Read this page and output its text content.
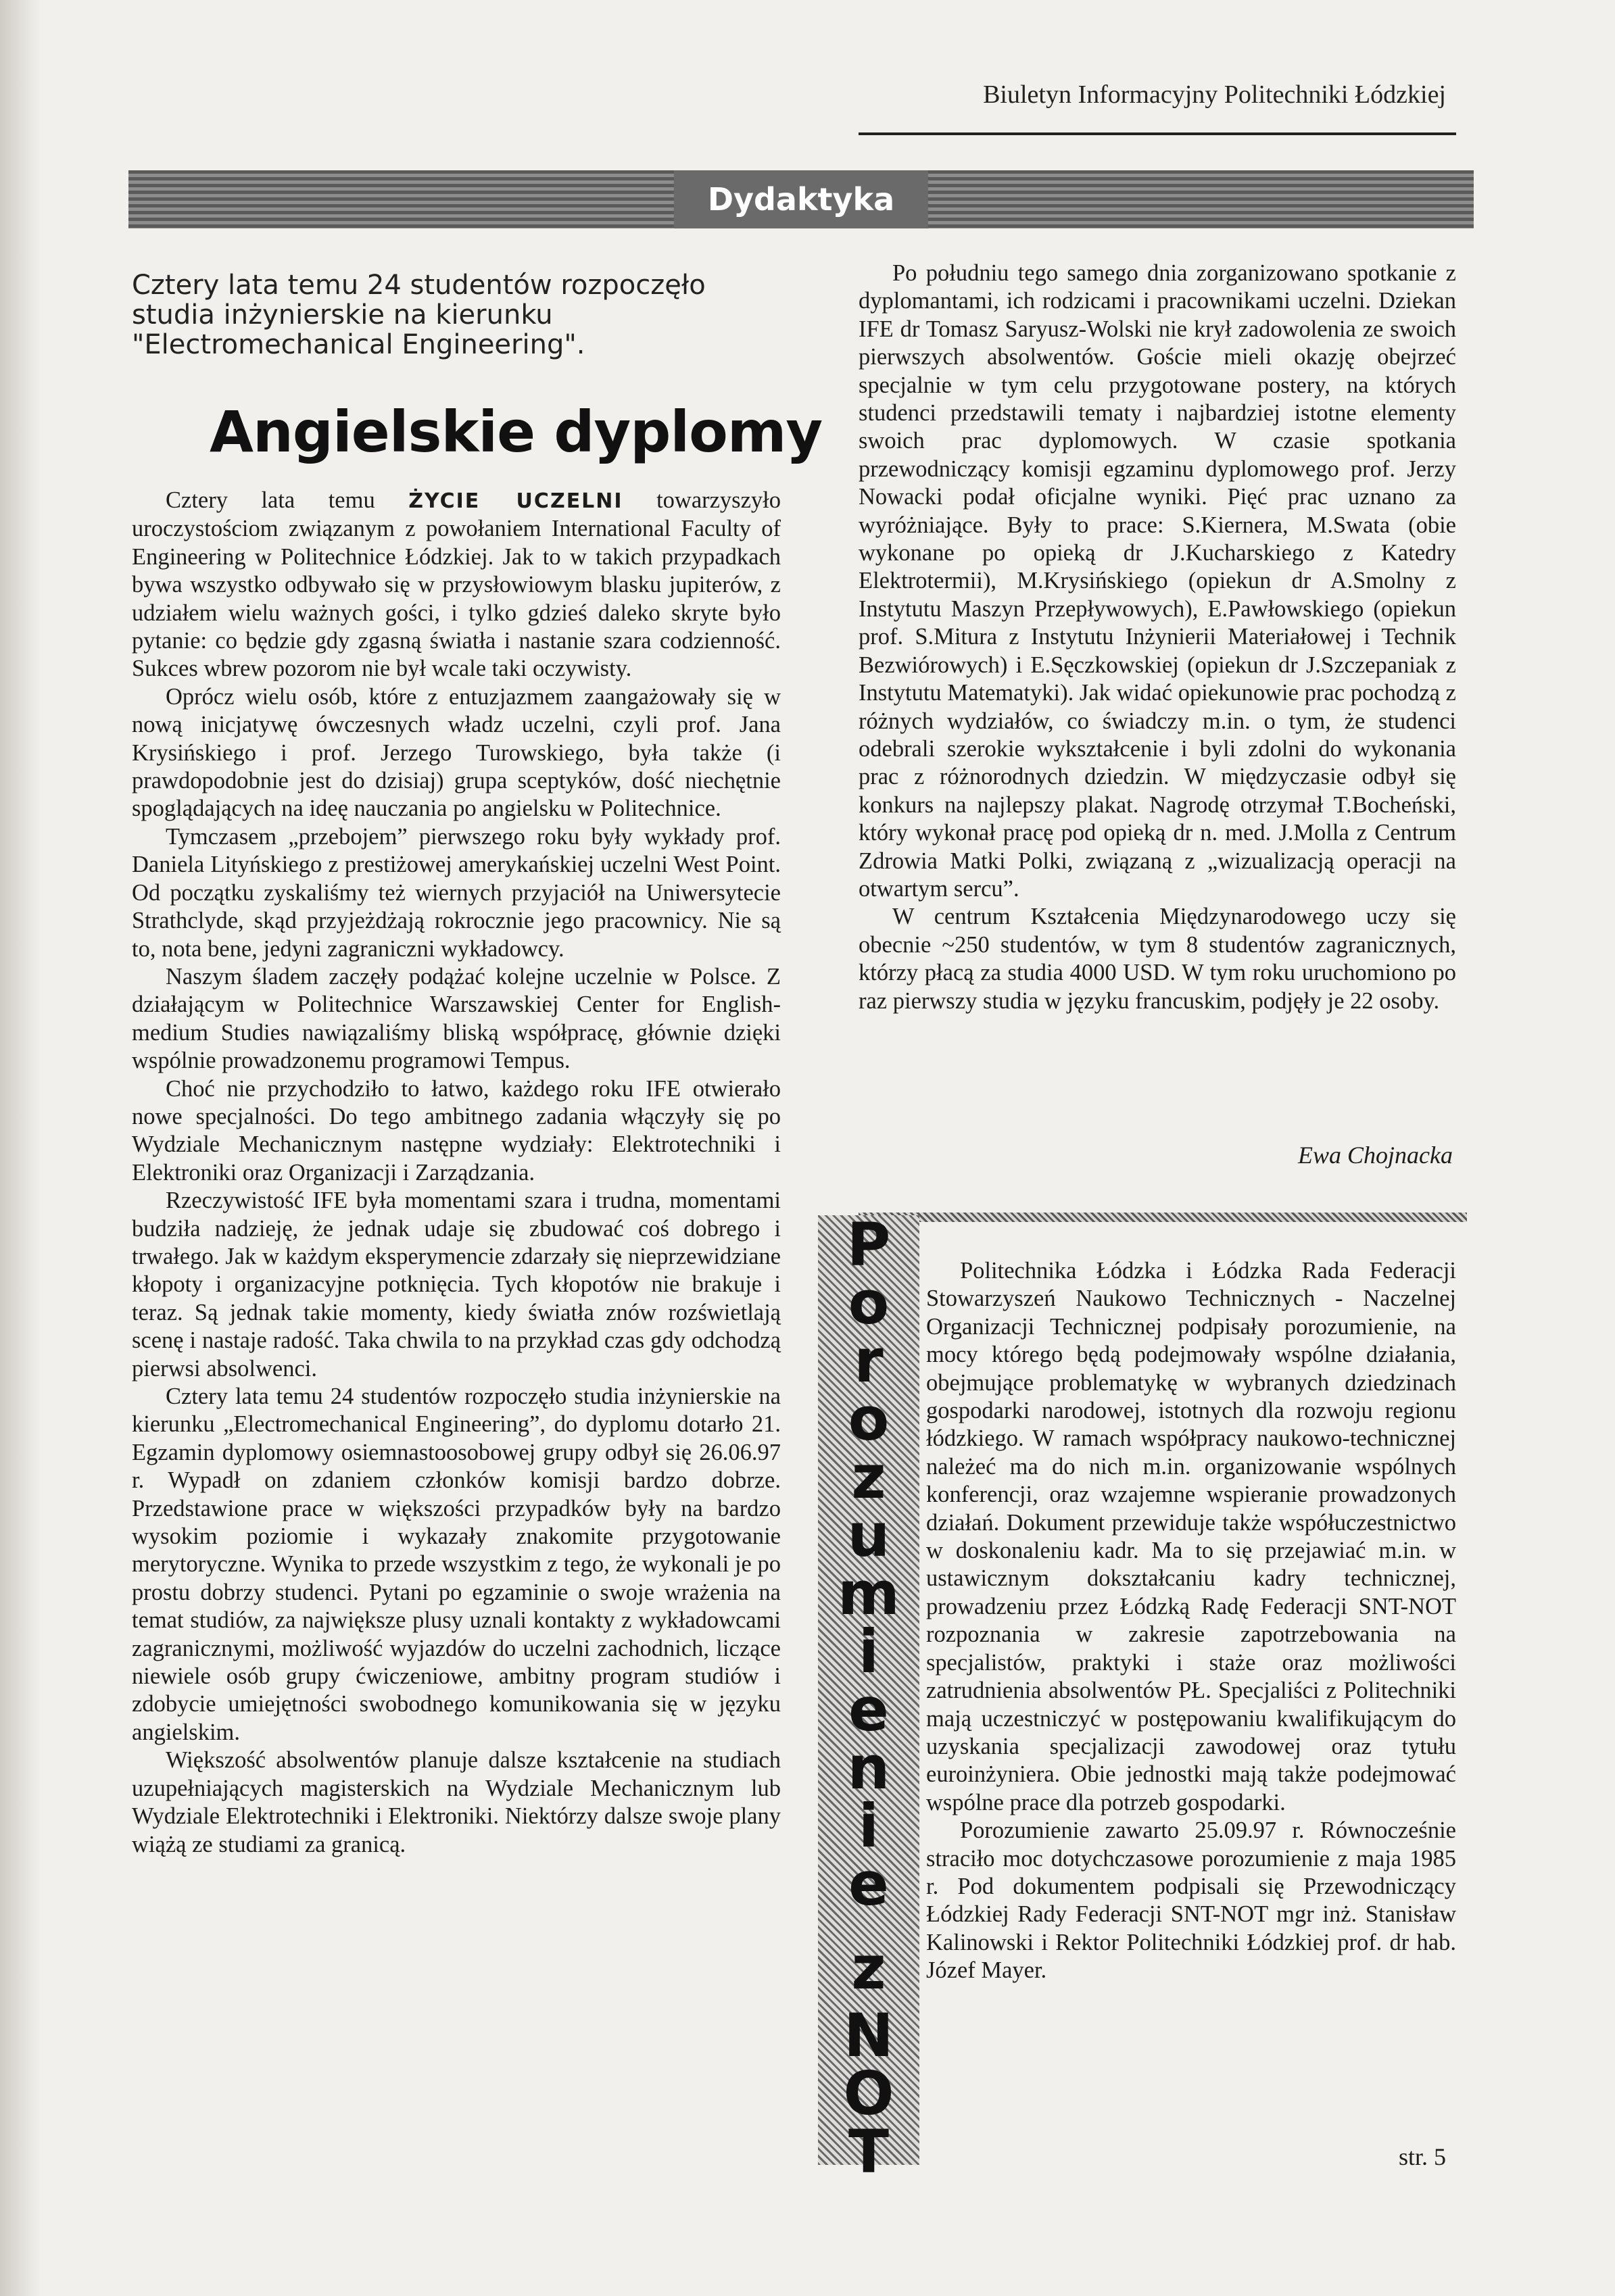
Biuletyn Informacyjny Politechniki Łódzkiej
Dydaktyka
Cztery lata temu 24 studentów rozpoczęło studia inżynierskie na kierunku "Electromechanical Engineering".
Angielskie dyplomy

Cztery lata temu ŻYCIE UCZELNI towarzyszyło uroczystościom związanym z powołaniem International Faculty of Engineering w Politechnice Łódzkiej. Jak to w takich przypadkach bywa wszystko odbywało się w przysłowiowym blasku jupiterów, z udziałem wielu ważnych gości, i tylko gdzieś daleko skryte było pytanie: co będzie gdy zgasną światła i nastanie szara codzienność. Sukces wbrew pozorom nie był wcale taki oczywisty.

Oprócz wielu osób, które z entuzjazmem zaangażowały się w nową inicjatywę ówczesnych władz uczelni, czyli prof. Jana Krysińskiego i prof. Jerzego Turowskiego, była także (i prawdopodobnie jest do dzisiaj) grupa sceptyków, dość niechętnie spoglądających na ideę nauczania po angielsku w Politechnice.

Tymczasem „przebojem” pierwszego roku były wykłady prof. Daniela Lityńskiego z prestiżowej amerykańskiej uczelni West Point. Od początku zyskaliśmy też wiernych przyjaciół na Uniwersytecie Strathclyde, skąd przyjeżdżają rokrocznie jego pracownicy. Nie są to, nota bene, jedyni zagraniczni wykładowcy.

Naszym śladem zaczęły podążać kolejne uczelnie w Polsce. Z działającym w Politechnice Warszawskiej Center for English-medium Studies nawiązaliśmy bliską współpracę, głównie dzięki wspólnie prowadzonemu programowi Tempus.

Choć nie przychodziło to łatwo, każdego roku IFE otwierało nowe specjalności. Do tego ambitnego zadania włączyły się po Wydziale Mechanicznym następne wydziały: Elektrotechniki i Elektroniki oraz Organizacji i Zarządzania.

Rzeczywistość IFE była momentami szara i trudna, momentami budziła nadzieję, że jednak udaje się zbudować coś dobrego i trwałego. Jak w każdym eksperymencie zdarzały się nieprzewidziane kłopoty i organizacyjne potknięcia. Tych kłopotów nie brakuje i teraz. Są jednak takie momenty, kiedy światła znów rozświetlają scenę i nastaje radość. Taka chwila to na przykład czas gdy odchodzą pierwsi absolwenci.

Cztery lata temu 24 studentów rozpoczęło studia inżynierskie na kierunku „Electromechanical Engineering”, do dyplomu dotarło 21. Egzamin dyplomowy osiemnastoosobowej grupy odbył się 26.06.97 r. Wypadł on zdaniem członków komisji bardzo dobrze. Przedstawione prace w większości przypadków były na bardzo wysokim poziomie i wykazały znakomite przygotowanie merytoryczne. Wynika to przede wszystkim z tego, że wykonali je po prostu dobrzy studenci. Pytani po egzaminie o swoje wrażenia na temat studiów, za największe plusy uznali kontakty z wykładowcami zagranicznymi, możliwość wyjazdów do uczelni zachodnich, liczące niewiele osób grupy ćwiczeniowe, ambitny program studiów i zdobycie umiejętności swobodnego komunikowania się w języku angielskim.

Większość absolwentów planuje dalsze kształcenie na studiach uzupełniających magisterskich na Wydziale Mechanicznym lub Wydziale Elektrotechniki i Elektroniki. Niektórzy dalsze swoje plany wiążą ze studiami za granicą.

Po południu tego samego dnia zorganizowano spotkanie z dyplomantami, ich rodzicami i pracownikami uczelni. Dziekan IFE dr Tomasz Saryusz-Wolski nie krył zadowolenia ze swoich pierwszych absolwentów. Goście mieli okazję obejrzeć specjalnie w tym celu przygotowane postery, na których studenci przedstawili tematy i najbardziej istotne elementy swoich prac dyplomowych. W czasie spotkania przewodniczący komisji egzaminu dyplomowego prof. Jerzy Nowacki podał oficjalne wyniki. Pięć prac uznano za wyróżniające. Były to prace: S.Kiernera, M.Swata (obie wykonane po opieką dr J.Kucharskiego z Katedry Elektrotermii), M.Krysińskiego (opiekun dr A.Smolny z Instytutu Maszyn Przepływowych), E.Pawłowskiego (opiekun prof. S.Mitura z Instytutu Inżynierii Materiałowej i Technik Bezwiórowych) i E.Sęczkowskiej (opiekun dr J.Szczepaniak z Instytutu Matematyki). Jak widać opiekunowie prac pochodzą z różnych wydziałów, co świadczy m.in. o tym, że studenci odebrali szerokie wykształcenie i byli zdolni do wykonania prac z różnorodnych dziedzin. W międzyczasie odbył się konkurs na najlepszy plakat. Nagrodę otrzymał T.Bocheński, który wykonał pracę pod opieką dr n. med. J.Molla z Centrum Zdrowia Matki Polki, związaną z „wizualizacją operacji na otwartym sercu”.

W centrum Kształcenia Międzynarodowego uczy się obecnie ~250 studentów, w tym 8 studentów zagranicznych, którzy płacą za studia 4000 USD. W tym roku uruchomiono po raz pierwszy studia w języku francuskim, podjęły je 22 osoby.

Ewa Chojnacka
P
o
r
o
z
u
m
i
e
n
i
e
z
N
O
T

Politechnika Łódzka i Łódzka Rada Federacji Stowarzyszeń Naukowo Technicznych - Naczelnej Organizacji Technicznej podpisały porozumienie, na mocy którego będą podejmowały wspólne działania, obejmujące problematykę w wybranych dziedzinach gospodarki narodowej, istotnych dla rozwoju regionu łódzkiego. W ramach współpracy naukowo-technicznej należeć ma do nich m.in. organizowanie wspólnych konferencji, oraz wzajemne wspieranie prowadzonych działań. Dokument przewiduje także współuczestnictwo w doskonaleniu kadr. Ma to się przejawiać m.in. w ustawicznym dokształcaniu kadry technicznej, prowadzeniu przez Łódzką Radę Federacji SNT-NOT rozpoznania w zakresie zapotrzebowania na specjalistów, praktyki i staże oraz możliwości zatrudnienia absolwentów PŁ. Specjaliści z Politechniki mają uczestniczyć w postępowaniu kwalifikującym do uzyskania specjalizacji zawodowej oraz tytułu euroinżyniera. Obie jednostki mają także podejmować wspólne prace dla potrzeb gospodarki.

Porozumienie zawarto 25.09.97 r. Równocześnie straciło moc dotychczasowe porozumienie z maja 1985 r. Pod dokumentem podpisali się Przewodniczący Łódzkiej Rady Federacji SNT-NOT mgr inż. Stanisław Kalinowski i Rektor Politechniki Łódzkiej prof. dr hab. Józef Mayer.

str. 5
